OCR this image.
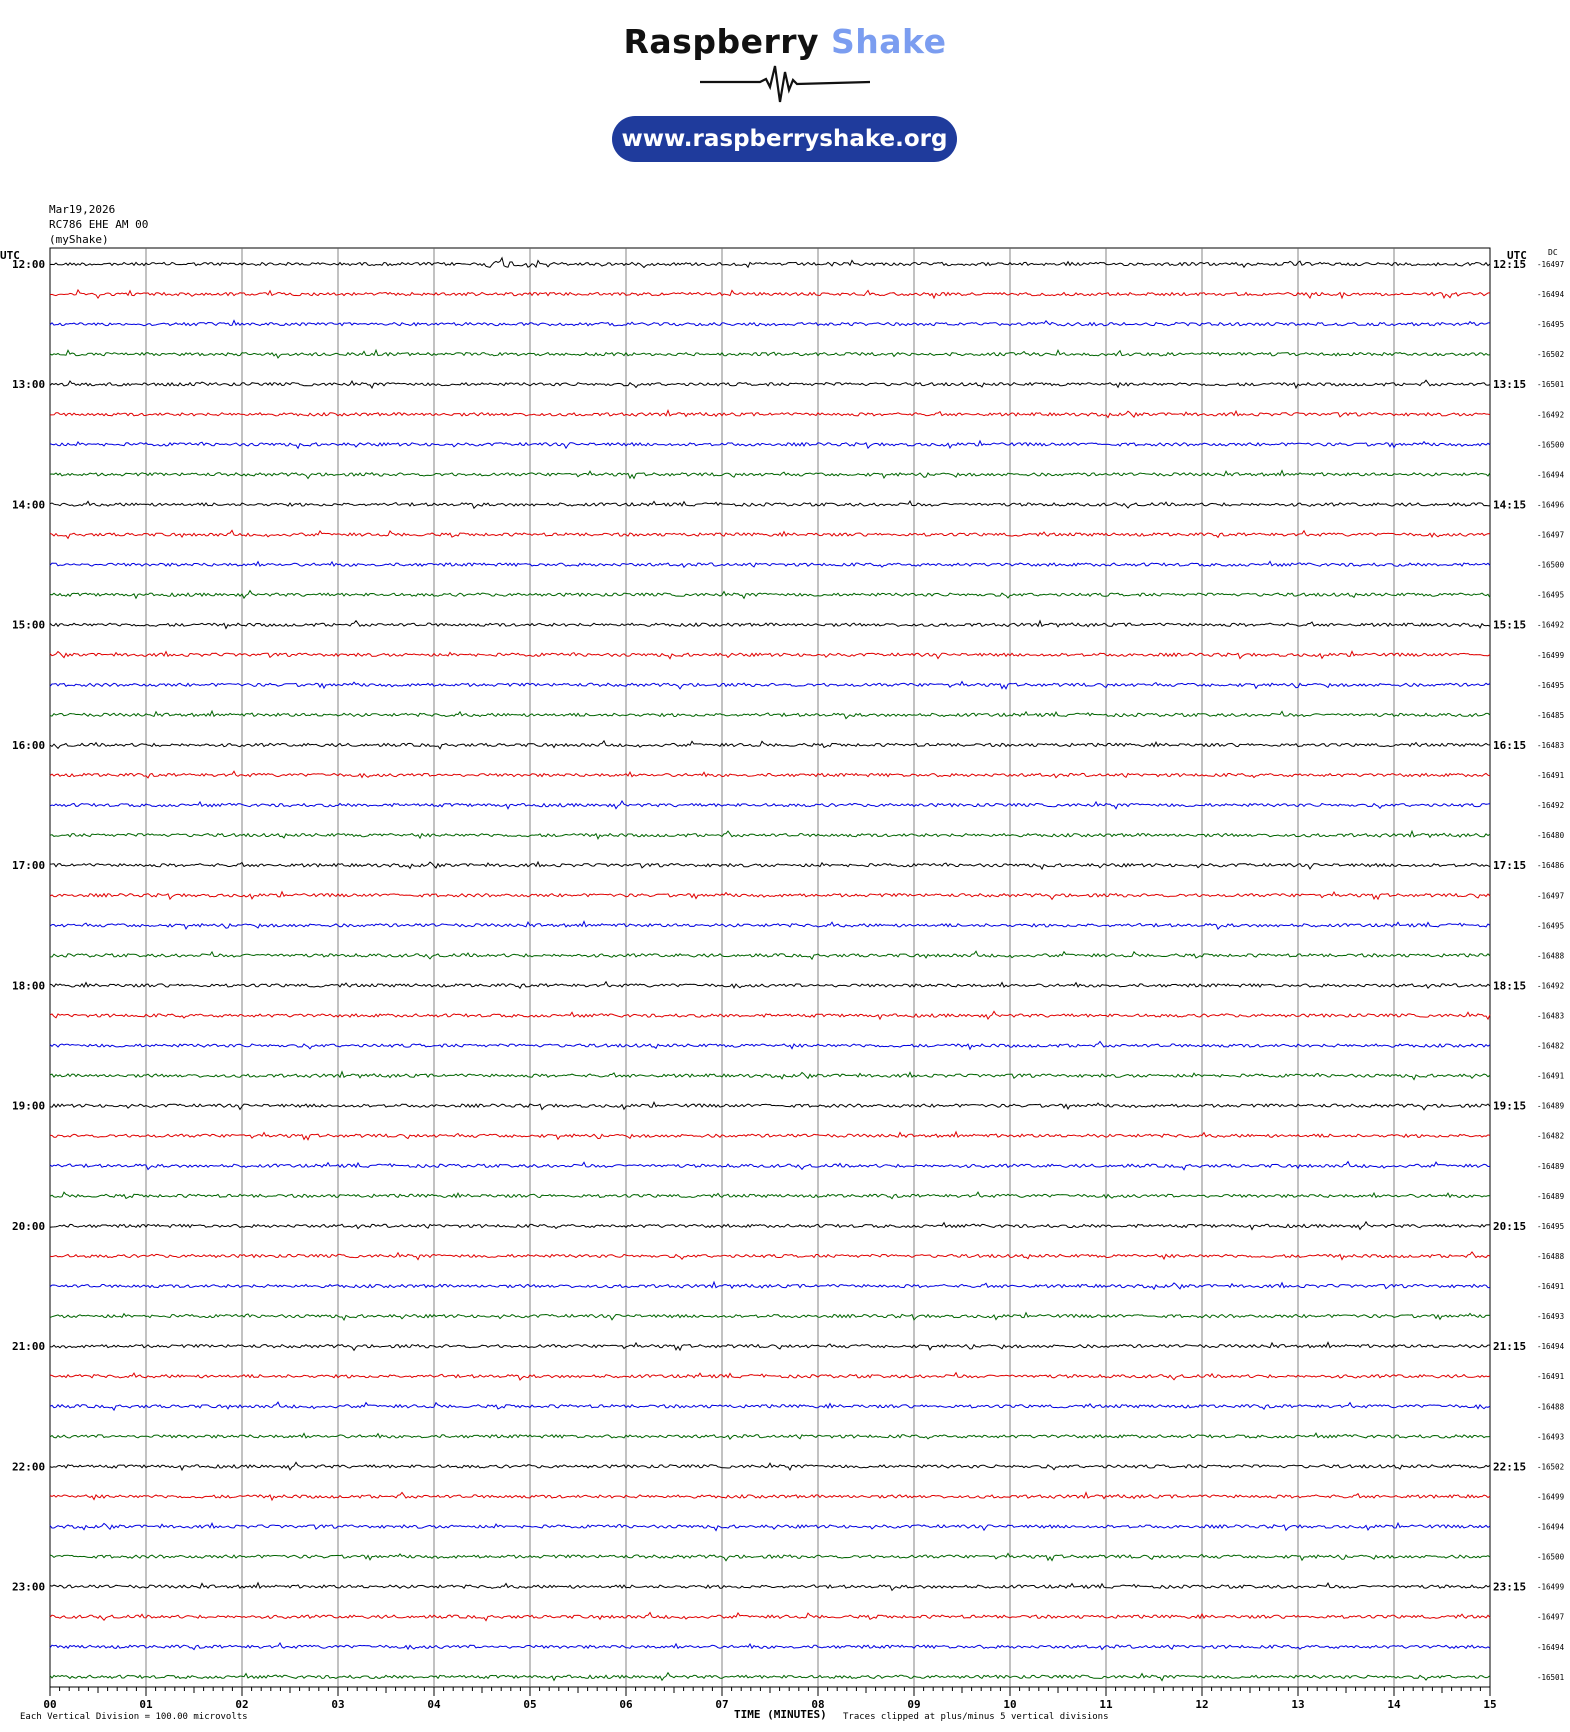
Raspberry Shake
www.raspberryshake.org
Mar19,2026
RC786 EHE AM 00
(myShake)
12:00
13:00
14:00
15:00
16:00
17:00
18:00
19:00
20:00
21:00
22:00
23:00
12:15
13:15
14:15
15:15
16:15
17:15
18:15
19:15
20:15
21:15
22:15
23:15
-16497
-16494
-16495
-16502
-16501
-16492
-16500
-16494
-16496
-16497
-16500
-16495
-16492
-16499
-16495
-16485
-16483
-16491
-16492
-16480
-16486
-16497
-16495
-16488
-16492
-16483
-16482
-16491
-16489
-16482
-16489
-16489
-16495
-16488
-16491
-16493
-16494
-16491
-16488
-16493
-16502
-16499
-16494
-16500
-16499
-16497
-16494
-16501
00	01	02	03	04	05	06	07	08	09	10	11	12	13	14	15
UTC	UTC	DC
Each Vertical Division = 100.00 microvolts	TIME (MINUTES) Traces clipped at plus/minus 5 vertical divisions
